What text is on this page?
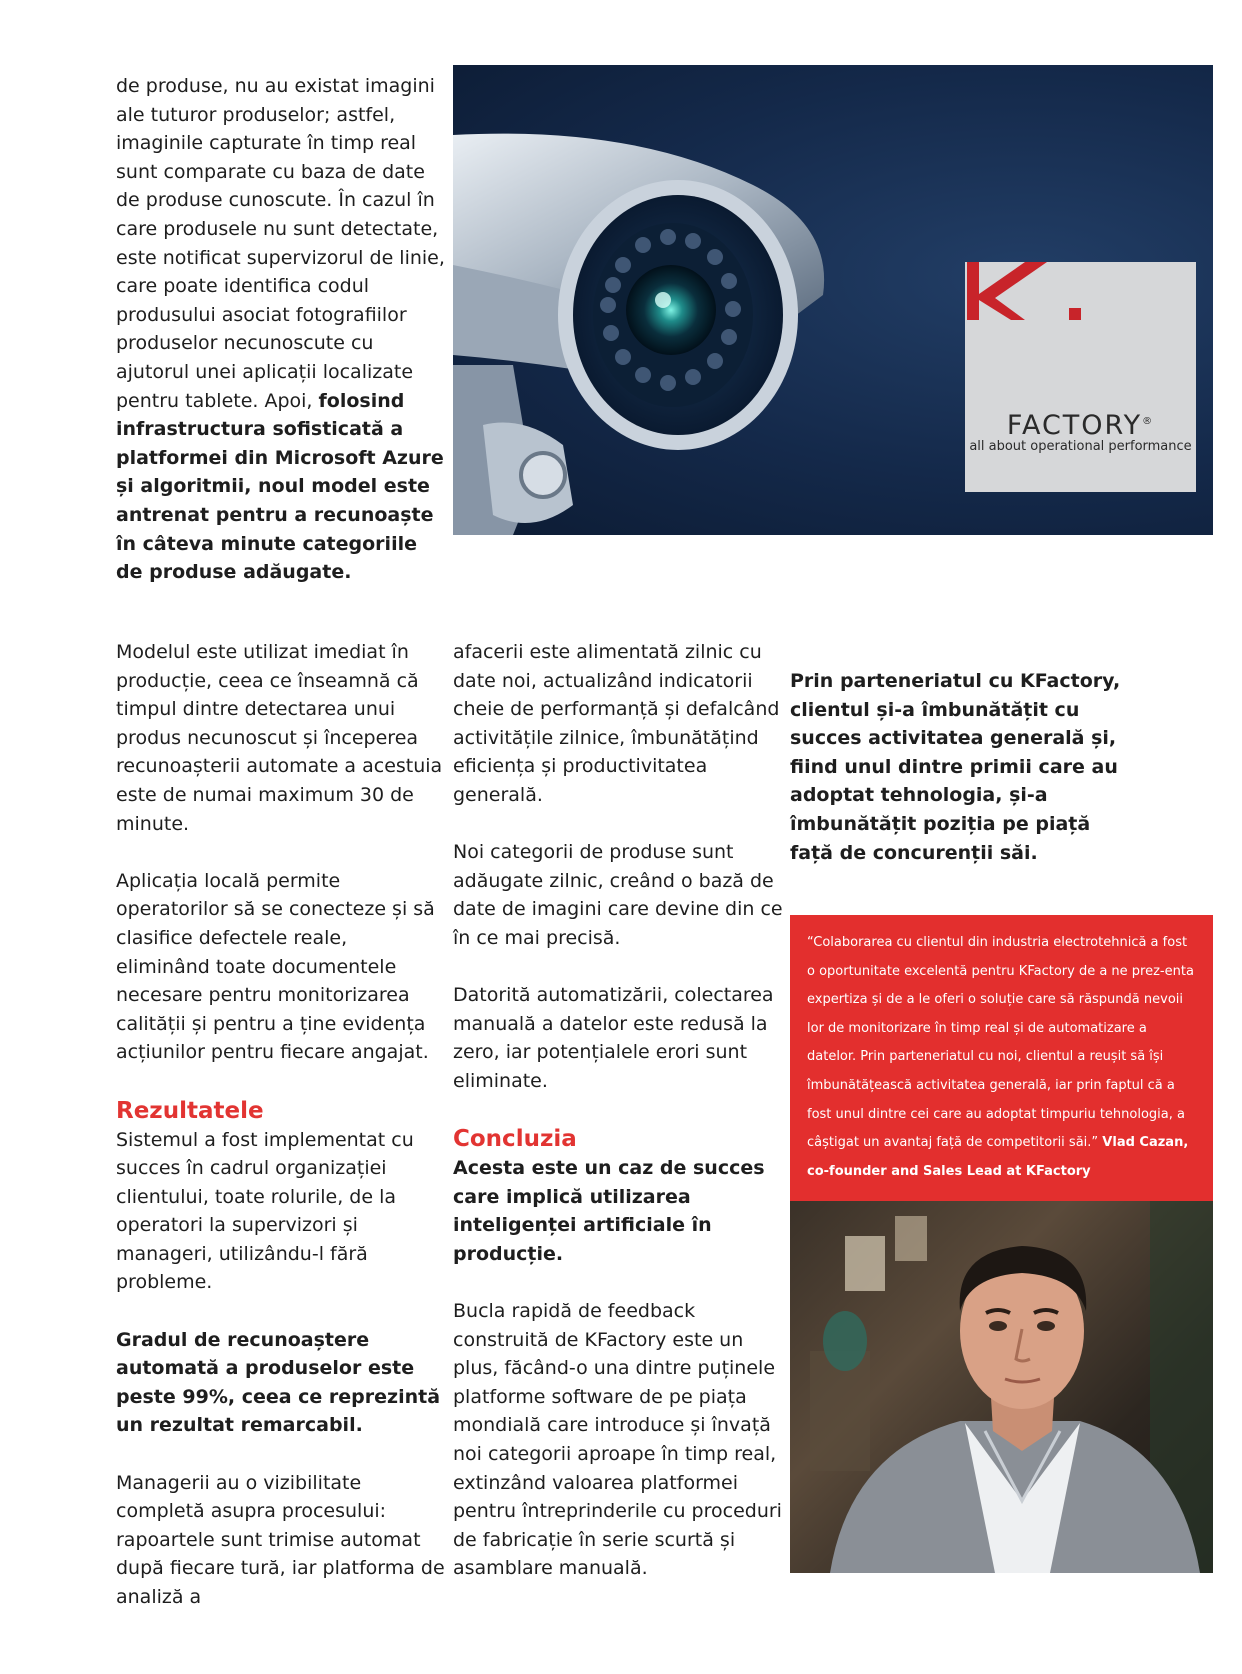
de produse, nu au existat imagini ale tuturor produselor; astfel, imaginile capturate în timp real sunt comparate cu baza de date de produse cunoscute. În cazul în care produsele nu sunt detectate, este notificat supervizorul de linie, care poate identifica codul produsului asociat fotografiilor produselor necunoscute cu ajutorul unei aplicații localizate pentru tablete. Apoi, folosind infrastructura sofisticată a platformei din Microsoft Azure și algoritmii, noul model este antrenat pentru a recunoaște în câteva minute categoriile de produse adăugate.

FACTORY®
all about operational performance

Modelul este utilizat imediat în producție, ceea ce înseamnă că timpul dintre detectarea unui produs necunoscut și începerea recunoașterii automate a acestuia este de numai maximum 30 de minute.

Aplicația locală permite operatorilor să se conecteze și să clasifice defectele reale, eliminând toate documentele necesare pentru monitorizarea calității și pentru a ține evidența acțiunilor pentru fiecare angajat.

Rezultatele

Sistemul a fost implementat cu succes în cadrul organizației clientului, toate rolurile, de la operatori la supervizori și manageri, utilizându-l fără probleme.

Gradul de recunoaștere automată a produselor este peste 99%, ceea ce reprezintă un rezultat remarcabil.

Managerii au o vizibilitate completă asupra procesului: rapoartele sunt trimise automat după fiecare tură, iar platforma de analiză a

afacerii este alimentată zilnic cu date noi, actualizând indicatorii cheie de performanță și defalcând activitățile zilnice, îmbunătățind eficiența și productivitatea generală.

Noi categorii de produse sunt adăugate zilnic, creând o bază de date de imagini care devine din ce în ce mai precisă.

Datorită automatizării, colectarea manuală a datelor este redusă la zero, iar potențialele erori sunt eliminate.

Concluzia

Acesta este un caz de succes care implică utilizarea inteligenței artificiale în producție.

Bucla rapidă de feedback construită de KFactory este un plus, făcând-o una dintre puținele platforme software de pe piața mondială care introduce și învață noi categorii aproape în timp real, extinzând valoarea platformei pentru întreprinderile cu proceduri de fabricație în serie scurtă și asamblare manuală.

Prin parteneriatul cu KFactory, clientul și-a îmbunătățit cu succes activitatea generală și, fiind unul dintre primii care au adoptat tehnologia, și-a îmbunătățit poziția pe piață față de concurenții săi.

“Colaborarea cu clientul din industria electrotehnică a fost o oportunitate excelentă pentru KFactory de a ne prez-enta expertiza și de a le oferi o soluție care să răspundă nevoii lor de monitorizare în timp real și de automatizare a datelor. Prin parteneriatul cu noi, clientul a reușit să își îmbunătățească activitatea generală, iar prin faptul că a fost unul dintre cei care au adoptat timpuriu tehnologia, a câștigat un avantaj față de competitorii săi.” Vlad Cazan, co-founder and Sales Lead at KFactory
